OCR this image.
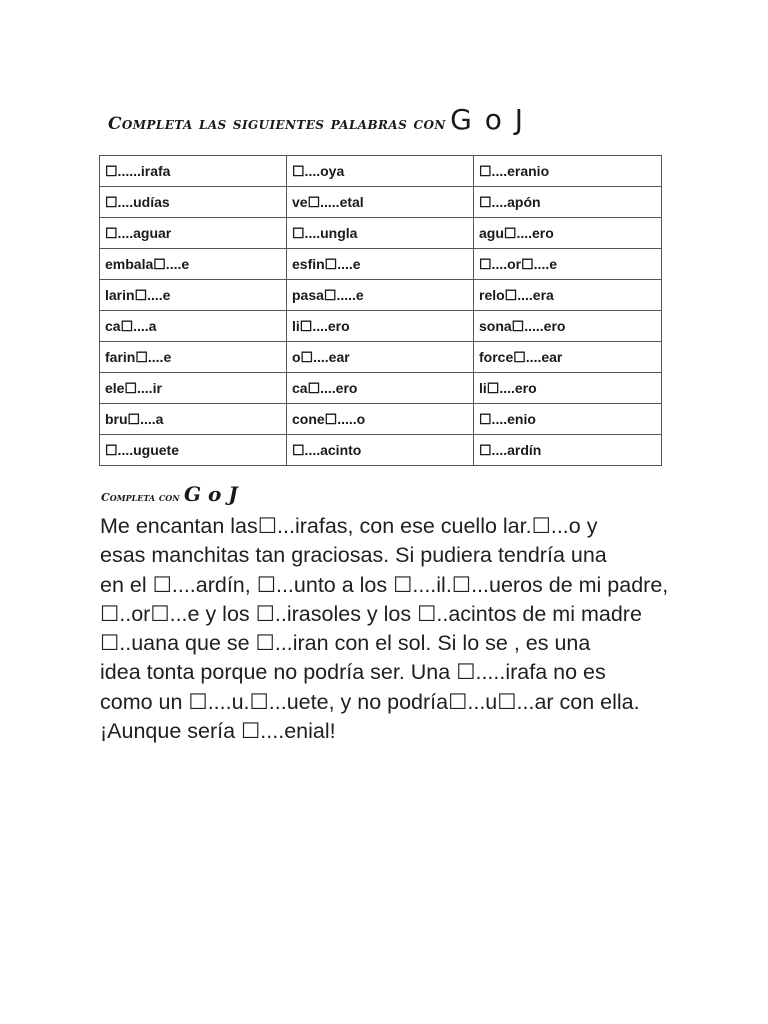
Completa las siguientes palabras con G o J
☐......irafa	☐....oya	☐....eranio
☐....udías	ve☐.....etal	☐....apón
☐....aguar	☐....ungla	agu☐....ero
embala☐....e	esfin☐....e	☐....or☐....e
larin☐....e	pasa☐.....e	relo☐....era
ca☐....a	li☐....ero	sona☐.....ero
farin☐....e	o☐....ear	force☐....ear
ele☐....ir	ca☐....ero	li☐....ero
bru☐....a	cone☐.....o	☐....enio
☐....uguete	☐....acinto	☐....ardín
Completa con G o J

Me encantan las☐...irafas, con ese cuello lar.☐...o y
esas manchitas tan graciosas. Si pudiera tendría una
en el ☐....ardín, ☐...unto a los ☐....il.☐...ueros de mi padre,
☐..or☐...e y los ☐..irasoles y los ☐..acintos de mi madre
☐..uana que se ☐...iran con el sol. Si lo se , es una
idea tonta porque no podría ser. Una ☐.....irafa no es
como un ☐....u.☐...uete, y no podría☐...u☐...ar con ella.
¡Aunque sería ☐....enial!
